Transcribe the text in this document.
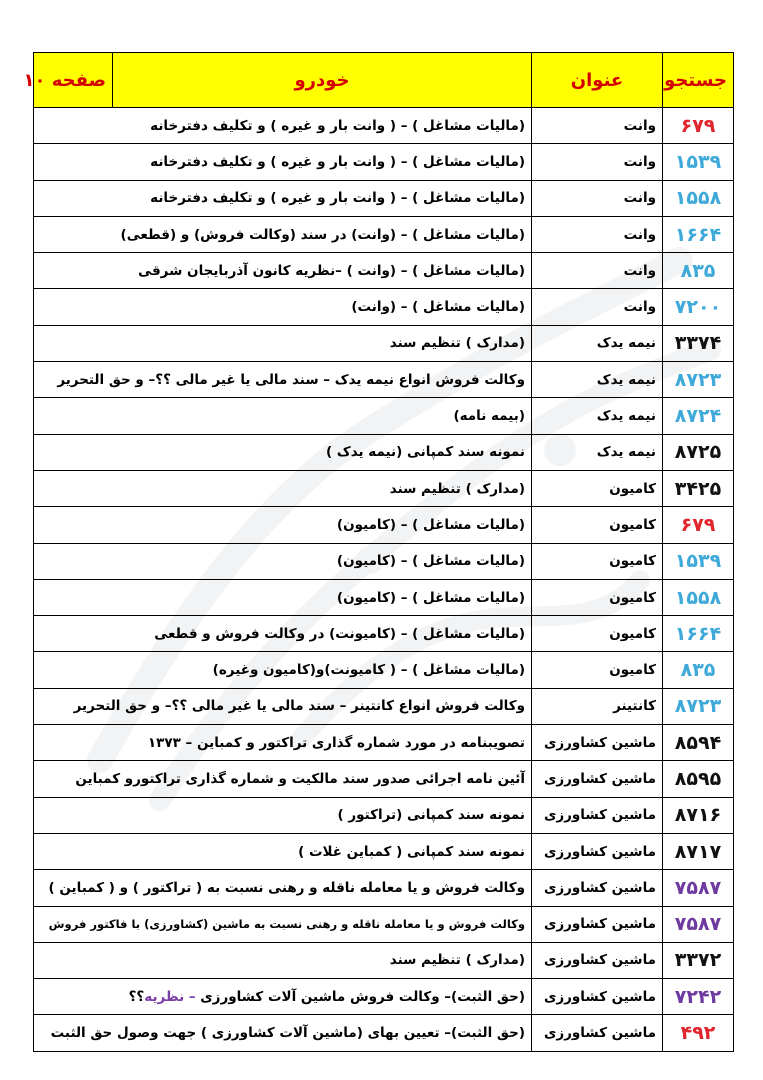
جستجو	عنوان	خودرو	صفحه ۱۰
۶۷۹	وانت	(مالیات مشاغل ) – ( وانت بار و غیره ) و تکلیف دفترخانه	
۱۵۳۹	وانت	(مالیات مشاغل ) – ( وانت بار و غیره ) و تکلیف دفترخانه	
۱۵۵۸	وانت	(مالیات مشاغل ) – ( وانت بار و غیره ) و تکلیف دفترخانه	
۱۶۶۴	وانت	(مالیات مشاغل ) – (وانت) در سند (وکالت فروش) و (قطعی)	
۸۳۵	وانت	(مالیات مشاغل ) – (وانت ) –نظریه کانون آذربایجان شرقی	
۷۲۰۰	وانت	(مالیات مشاغل ) – (وانت)	
۳۳۷۴	نیمه یدک	(مدارک ) تنظیم سند	
۸۷۲۳	نیمه یدک	وکالت فروش انواع نیمه یدک – سند مالی یا غیر مالی ؟؟– و حق التحریر	
۸۷۲۴	نیمه یدک	(بیمه نامه)	
۸۷۲۵	نیمه یدک	نمونه سند کمپانی (نیمه یدک )	
۳۴۲۵	کامیون	(مدارک ) تنظیم سند	
۶۷۹	کامیون	(مالیات مشاغل ) – (کامیون)	
۱۵۳۹	کامیون	(مالیات مشاغل ) – (کامیون)	
۱۵۵۸	کامیون	(مالیات مشاغل ) – (کامیون)	
۱۶۶۴	کامیون	(مالیات مشاغل ) – (کامیونت) در وکالت فروش و قطعی	
۸۳۵	کامیون	(مالیات مشاغل ) – ( کامیونت)و(کامیون وغیره)	
۸۷۲۳	کانتینر	وکالت فروش انواع کانتینر – سند مالی یا غیر مالی ؟؟– و حق التحریر	
۸۵۹۴	ماشین کشاورزی	تصویبنامه در مورد شماره گذاری تراکتور و کمباین – ۱۳۷۳	
۸۵۹۵	ماشین کشاورزی	آئین نامه اجرائی صدور سند مالکیت و شماره گذاری تراکتورو کمباین	
۸۷۱۶	ماشین کشاورزی	نمونه سند کمپانی (تراکتور )	
۸۷۱۷	ماشین کشاورزی	نمونه سند کمپانی ( کمباین غلات )	
۷۵۸۷	ماشین کشاورزی	وکالت فروش و یا معامله ناقله و رهنی نسبت به ( تراکتور ) و ( کمباین )	
۷۵۸۷	ماشین کشاورزی	وکالت فروش و یا معامله ناقله و رهنی نسبت به ماشین (کشاورزی) با فاکتور فروش	
۳۳۷۲	ماشین کشاورزی	(مدارک ) تنظیم سند	
۷۲۴۲	ماشین کشاورزی	(حق الثبت)– وکالت فروش ماشین آلات کشاورزی – نظریه؟؟	
۴۹۲	ماشین کشاورزی	(حق الثبت)– تعیین بهای (ماشین آلات کشاورزی ) جهت وصول حق الثبت	
